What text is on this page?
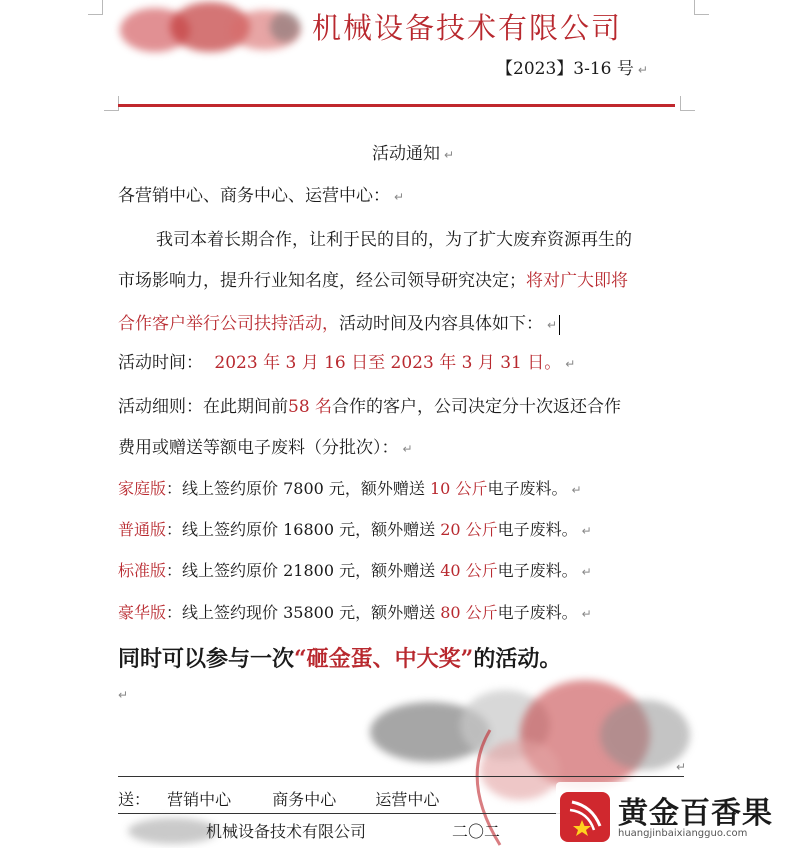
机械设备技术有限公司
【2023】3-16 号 ↵
活动通知 ↵
各营销中心、商务中心、运营中心： ↵
我司本着长期合作，让利于民的目的，为了扩大废弃资源再生的
市场影响力，提升行业知名度，经公司领导研究决定；将对广大即将
合作客户举行公司扶持活动，活动时间及内容具体如下： ↵
活动时间： 2023 年 3 月 16 日至 2023 年 3 月 31 日。 ↵
活动细则：在此期间前58 名合作的客户，公司决定分十次返还合作
费用或赠送等额电子废料（分批次）： ↵
家庭版：线上签约原价 7800 元，额外赠送 10 公斤电子废料。 ↵
普通版：线上签约原价 16800 元，额外赠送 20 公斤电子废料。 ↵
标准版：线上签约原价 21800 元，额外赠送 40 公斤电子废料。 ↵
豪华版：线上签约现价 35800 元，额外赠送 80 公斤电子废料。 ↵
同时可以参与一次“砸金蛋、中大奖”的活动。
↵
↵
送： 营销中心	商务中心 运营中心
机械设备技术有限公司	二〇二
黄金百香果
huangjinbaixiangguo.com
